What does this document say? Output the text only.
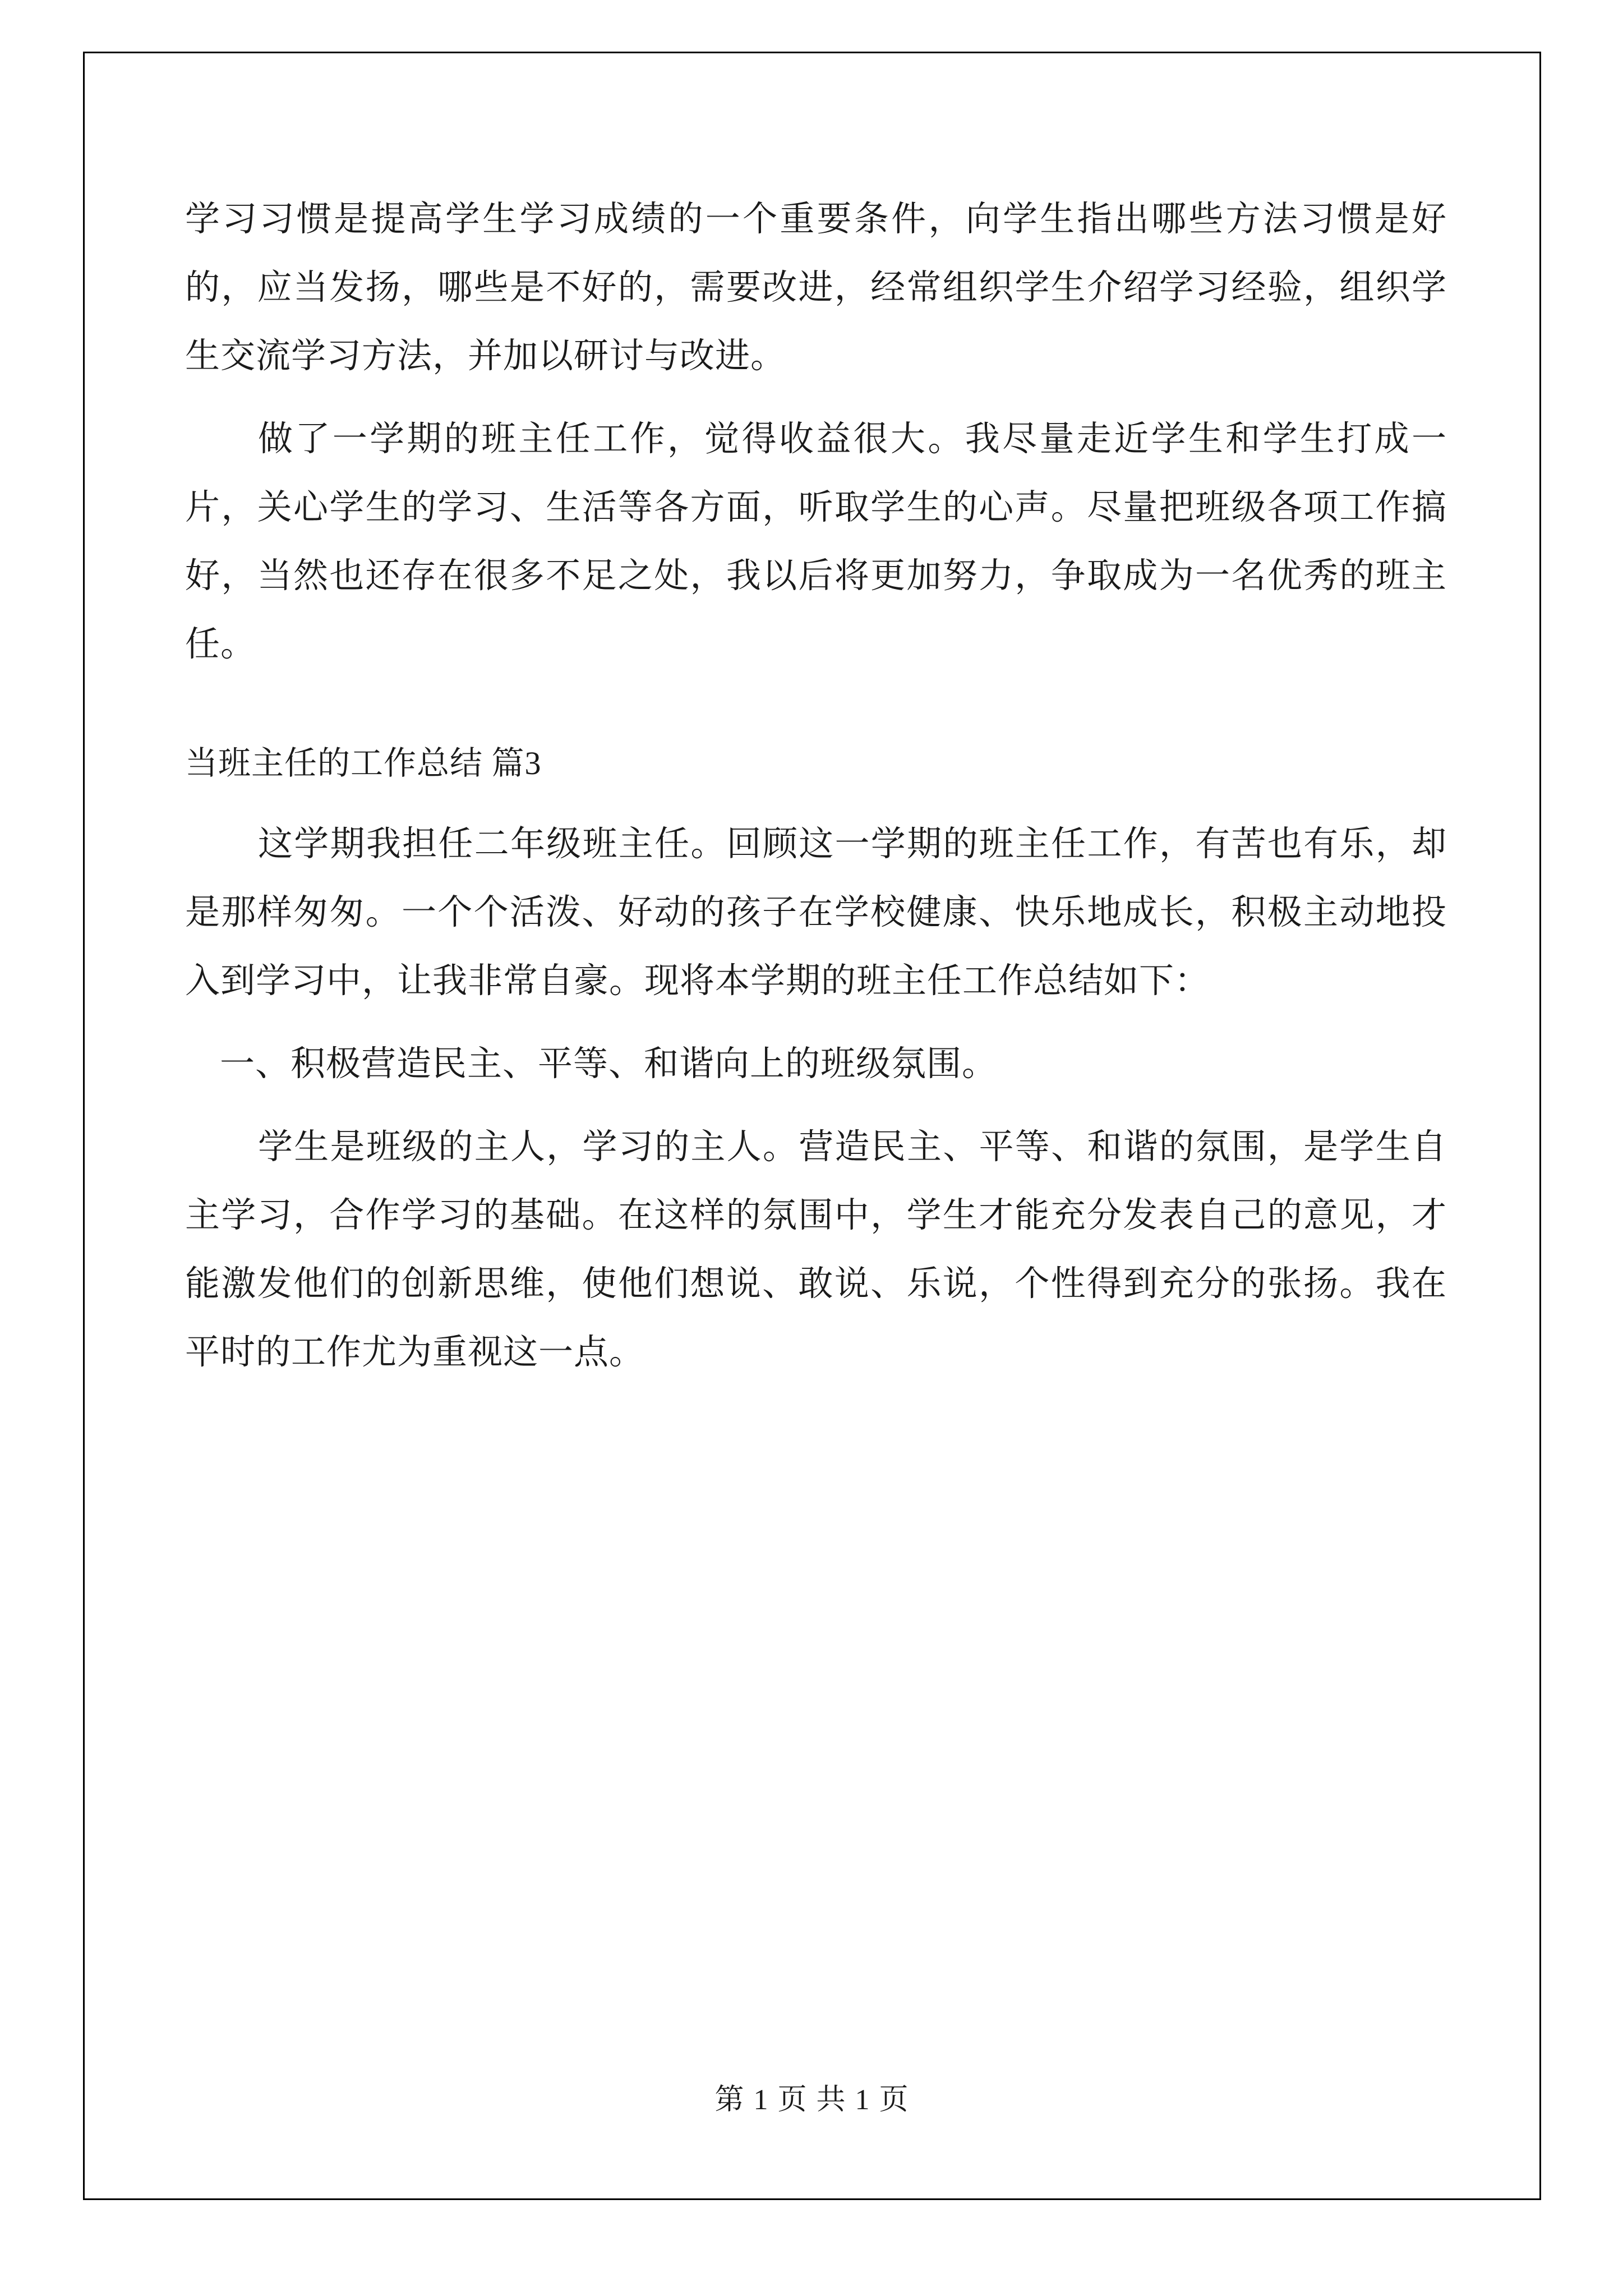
学习习惯是提高学生学习成绩的一个重要条件，向学生指出哪些方法习惯是好的，应当发扬，哪些是不好的，需要改进，经常组织学生介绍学习经验，组织学生交流学习方法，并加以研讨与改进。

做了一学期的班主任工作，觉得收益很大。我尽量走近学生和学生打成一片，关心学生的学习、生活等各方面，听取学生的心声。尽量把班级各项工作搞好，当然也还存在很多不足之处，我以后将更加努力，争取成为一名优秀的班主任。

当班主任的工作总结 篇3

这学期我担任二年级班主任。回顾这一学期的班主任工作，有苦也有乐，却是那样匆匆。一个个活泼、好动的孩子在学校健康、快乐地成长，积极主动地投入到学习中，让我非常自豪。现将本学期的班主任工作总结如下：

一、积极营造民主、平等、和谐向上的班级氛围。

学生是班级的主人，学习的主人。营造民主、平等、和谐的氛围，是学生自主学习，合作学习的基础。在这样的氛围中，学生才能充分发表自己的意见，才能激发他们的创新思维，使他们想说、敢说、乐说，个性得到充分的张扬。我在平时的工作尤为重视这一点。

第 1 页 共 1 页
